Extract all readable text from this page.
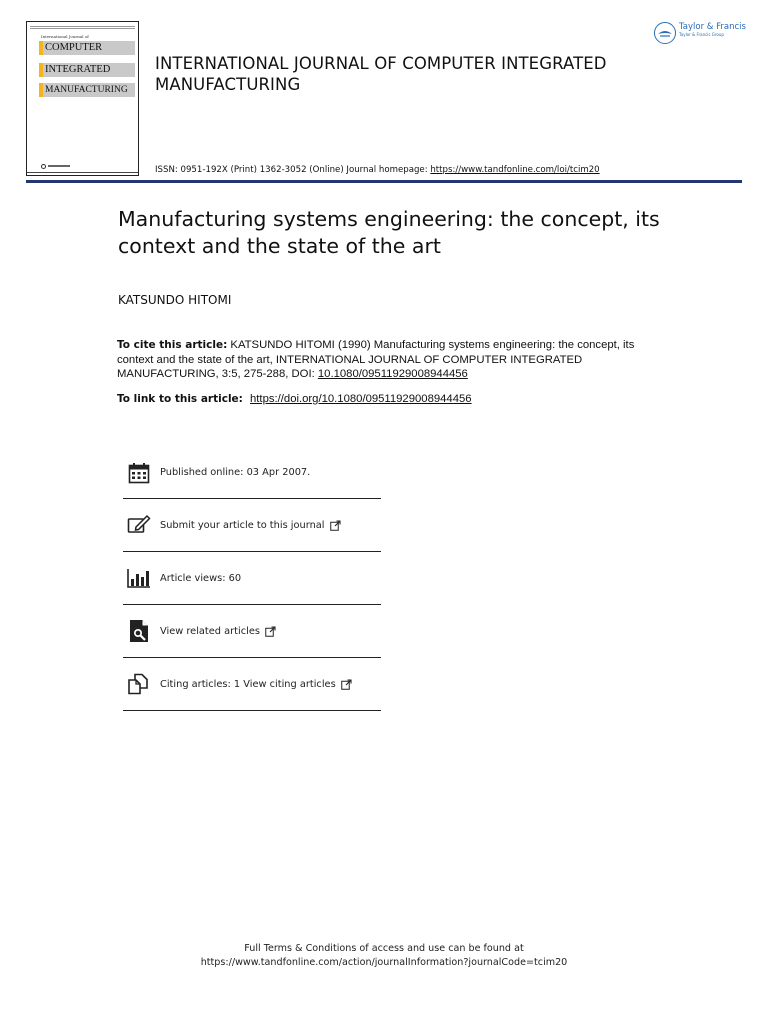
International Journal of
COMPUTER
INTEGRATED
MANUFACTURING
INTERNATIONAL JOURNAL OF COMPUTER INTEGRATED MANUFACTURING
ISSN: 0951-192X (Print) 1362-3052 (Online) Journal homepage: https://www.tandfonline.com/loi/tcim20
Taylor & Francis
Taylor & Francis Group
Manufacturing systems engineering: the concept, its context and the state of the art
KATSUNDO HITOMI
To cite this article: KATSUNDO HITOMI (1990) Manufacturing systems engineering: the concept, its context and the state of the art, INTERNATIONAL JOURNAL OF COMPUTER INTEGRATED MANUFACTURING, 3:5, 275-288, DOI: 10.1080/09511929008944456
To link to this article: https://doi.org/10.1080/09511929008944456
Published online: 03 Apr 2007.
Submit your article to this journal
Article views: 60
View related articles
Citing articles: 1 View citing articles
Full Terms & Conditions of access and use can be found at
https://www.tandfonline.com/action/journalInformation?journalCode=tcim20
